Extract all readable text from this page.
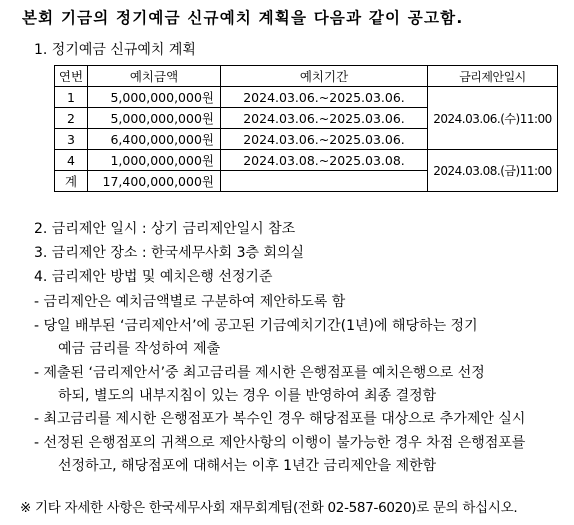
본회 기금의 정기예금 신규예치 계획을 다음과 같이 공고함.
1. 정기예금 신규예치 계획
연번	예치금액	예치기간	금리제안일시
1	5,000,000,000원	2024.03.06.~2025.03.06.	2024.03.06.(수)11:00
2	5,000,000,000원	2024.03.06.~2025.03.06.	
3	6,400,000,000원	2024.03.06.~2025.03.06.	
4	1,000,000,000원	2024.03.08.~2025.03.08.	2024.03.08.(금)11:00
계	17,400,000,000원		
2. 금리제안 일시 : 상기 금리제안일시 참조
3. 금리제안 장소 : 한국세무사회 3층 회의실
4. 금리제안 방법 및 예치은행 선정기준
- 금리제안은 예치금액별로 구분하여 제안하도록 함
- 당일 배부된 ‘금리제안서’에 공고된 기금예치기간(1년)에 해당하는 정기
예금 금리를 작성하여 제출
- 제출된 ‘금리제안서’중 최고금리를 제시한 은행점포를 예치은행으로 선정
하되, 별도의 내부지침이 있는 경우 이를 반영하여 최종 결정함
- 최고금리를 제시한 은행점포가 복수인 경우 해당점포를 대상으로 추가제안 실시
- 선정된 은행점포의 귀책으로 제안사항의 이행이 불가능한 경우 차점 은행점포를
선정하고, 해당점포에 대해서는 이후 1년간 금리제안을 제한함
※ 기타 자세한 사항은 한국세무사회 재무회계팀(전화 02-587-6020)로 문의 하십시오.
